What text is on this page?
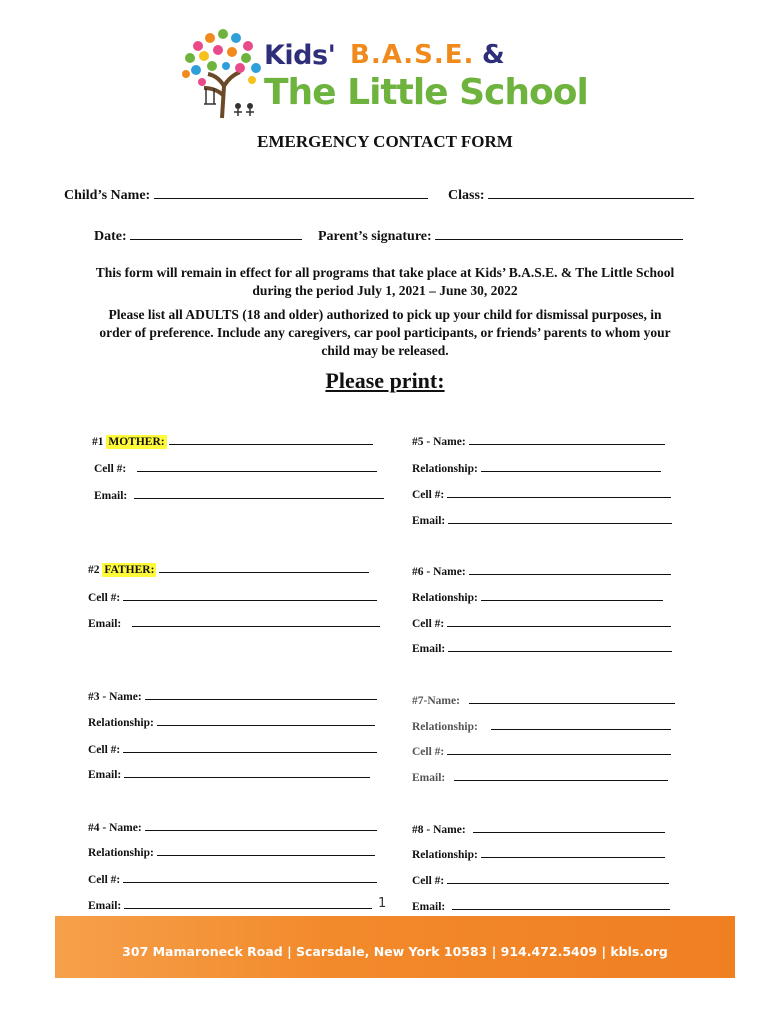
Kids' B.A.S.E. &
The Little School
EMERGENCY CONTACT FORM
Child’s Name:	Class:
Date:	Parent’s signature:
This form will remain in effect for all programs that take place at Kids’ B.A.S.E. & The Little School
during the period July 1, 2021 – June 30, 2022
Please list all ADULTS (18 and older) authorized to pick up your child for dismissal purposes, in
order of preference. Include any caregivers, car pool participants, or friends’ parents to whom your
child may be released.
Please print:
#1 MOTHER:
Cell #:
Email:
#2 FATHER:
Cell #:
Email:
#3 - Name:
Relationship:
Cell #:
Email:
#4 - Name:
Relationship:
Cell #:
Email:	1
#5 - Name:
Relationship:
Cell #:
Email:
#6 - Name:
Relationship:
Cell #:
Email:
#7-Name:
Relationship:
Cell #:
Email:
#8 - Name:
Relationship:
Cell #:
Email:
307 Mamaroneck Road | Scarsdale, New York 10583 | 914.472.5409 | kbls.org
